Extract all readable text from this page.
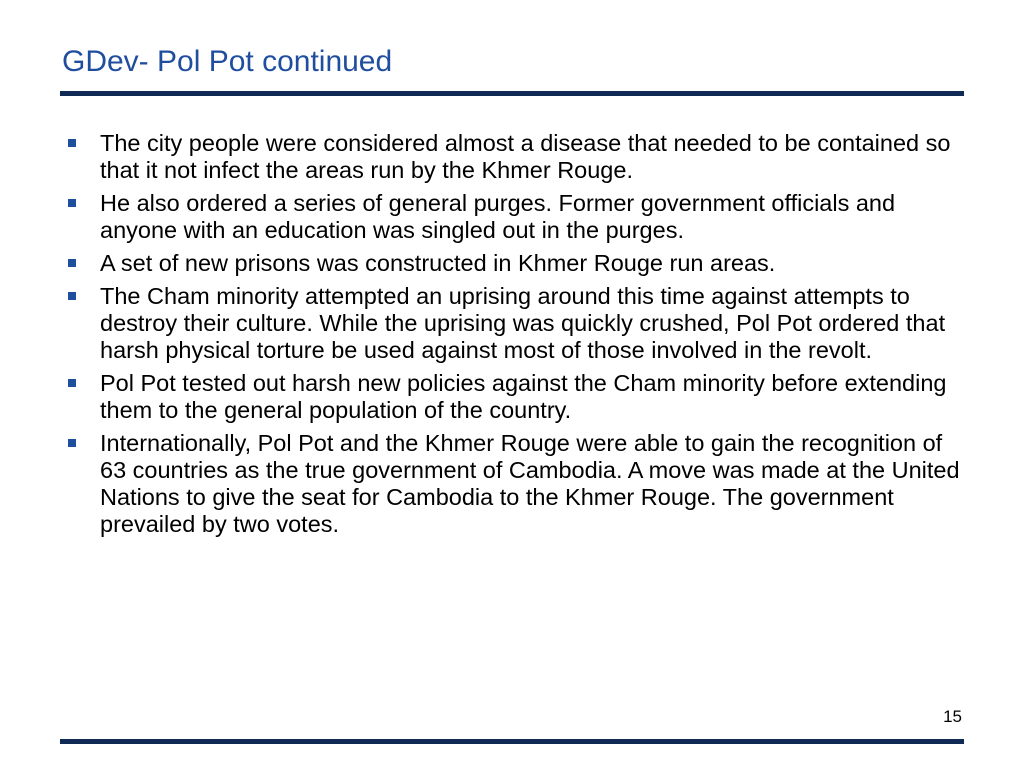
GDev- Pol Pot continued
The city people were considered almost a disease that needed to be contained so that it not infect the areas run by the Khmer Rouge.
He also ordered a series of general purges. Former government officials and anyone with an education was singled out in the purges.
A set of new prisons was constructed in Khmer Rouge run areas.
The Cham minority attempted an uprising around this time against attempts to destroy their culture. While the uprising was quickly crushed, Pol Pot ordered that harsh physical torture be used against most of those involved in the revolt.
Pol Pot tested out harsh new policies against the Cham minority before extending them to the general population of the country.
Internationally, Pol Pot and the Khmer Rouge were able to gain the recognition of 63 countries as the true government of Cambodia. A move was made at the United Nations to give the seat for Cambodia to the Khmer Rouge. The government prevailed by two votes.
15
